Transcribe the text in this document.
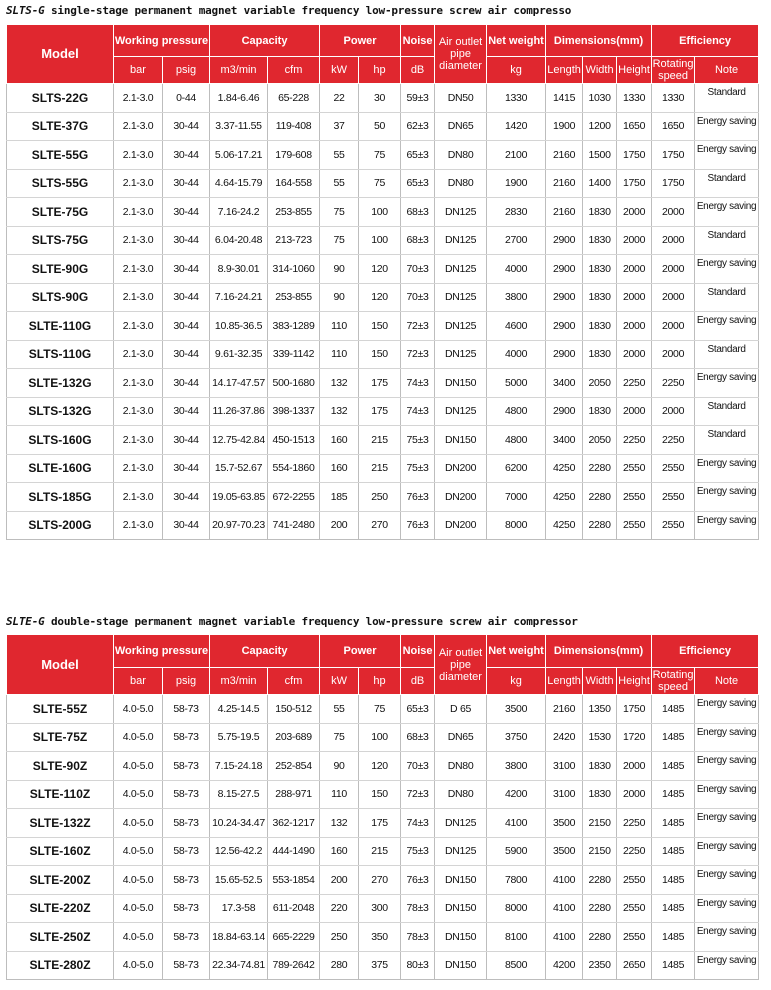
SLTS-G single-stage permanent magnet variable frequency low-pressure screw air compresso
Model	Working pressure		Capacity		Power		Noise	Air outlet pipe diameter	Net weight	Dimensions(mm)			Efficiency	
	bar	psig	m3/min	cfm	kW	hp	dB		kg	Length	Width	Height	Rotating speed	Note
SLTS-22G	2.1-3.0	0-44	1.84-6.46	65-228	22	30	59±3	DN50	1330	1415	1030	1330	1330	Standard
SLTE-37G	2.1-3.0	30-44	3.37-11.55	119-408	37	50	62±3	DN65	1420	1900	1200	1650	1650	Energy saving
SLTE-55G	2.1-3.0	30-44	5.06-17.21	179-608	55	75	65±3	DN80	2100	2160	1500	1750	1750	Energy saving
SLTS-55G	2.1-3.0	30-44	4.64-15.79	164-558	55	75	65±3	DN80	1900	2160	1400	1750	1750	Standard
SLTE-75G	2.1-3.0	30-44	7.16-24.2	253-855	75	100	68±3	DN125	2830	2160	1830	2000	2000	Energy saving
SLTS-75G	2.1-3.0	30-44	6.04-20.48	213-723	75	100	68±3	DN125	2700	2900	1830	2000	2000	Standard
SLTE-90G	2.1-3.0	30-44	8.9-30.01	314-1060	90	120	70±3	DN125	4000	2900	1830	2000	2000	Energy saving
SLTS-90G	2.1-3.0	30-44	7.16-24.21	253-855	90	120	70±3	DN125	3800	2900	1830	2000	2000	Standard
SLTE-110G	2.1-3.0	30-44	10.85-36.5	383-1289	110	150	72±3	DN125	4600	2900	1830	2000	2000	Energy saving
SLTS-110G	2.1-3.0	30-44	9.61-32.35	339-1142	110	150	72±3	DN125	4000	2900	1830	2000	2000	Standard
SLTE-132G	2.1-3.0	30-44	14.17-47.57	500-1680	132	175	74±3	DN150	5000	3400	2050	2250	2250	Energy saving
SLTS-132G	2.1-3.0	30-44	11.26-37.86	398-1337	132	175	74±3	DN125	4800	2900	1830	2000	2000	Standard
SLTS-160G	2.1-3.0	30-44	12.75-42.84	450-1513	160	215	75±3	DN150	4800	3400	2050	2250	2250	Standard
SLTE-160G	2.1-3.0	30-44	15.7-52.67	554-1860	160	215	75±3	DN200	6200	4250	2280	2550	2550	Energy saving
SLTS-185G	2.1-3.0	30-44	19.05-63.85	672-2255	185	250	76±3	DN200	7000	4250	2280	2550	2550	Energy saving
SLTS-200G	2.1-3.0	30-44	20.97-70.23	741-2480	200	270	76±3	DN200	8000	4250	2280	2550	2550	Energy saving
SLTE-G double-stage permanent magnet variable frequency low-pressure screw air compressor
Model	Working pressure		Capacity		Power		Noise	Air outlet pipe diameter	Net weight	Dimensions(mm)			Efficiency	
	bar	psig	m3/min	cfm	kW	hp	dB		kg	Length	Width	Height	Rotating speed	Note
SLTE-55Z	4.0-5.0	58-73	4.25-14.5	150-512	55	75	65±3	D 65	3500	2160	1350	1750	1485	Energy saving
SLTE-75Z	4.0-5.0	58-73	5.75-19.5	203-689	75	100	68±3	DN65	3750	2420	1530	1720	1485	Energy saving
SLTE-90Z	4.0-5.0	58-73	7.15-24.18	252-854	90	120	70±3	DN80	3800	3100	1830	2000	1485	Energy saving
SLTE-110Z	4.0-5.0	58-73	8.15-27.5	288-971	110	150	72±3	DN80	4200	3100	1830	2000	1485	Energy saving
SLTE-132Z	4.0-5.0	58-73	10.24-34.47	362-1217	132	175	74±3	DN125	4100	3500	2150	2250	1485	Energy saving
SLTE-160Z	4.0-5.0	58-73	12.56-42.2	444-1490	160	215	75±3	DN125	5900	3500	2150	2250	1485	Energy saving
SLTE-200Z	4.0-5.0	58-73	15.65-52.5	553-1854	200	270	76±3	DN150	7800	4100	2280	2550	1485	Energy saving
SLTE-220Z	4.0-5.0	58-73	17.3-58	611-2048	220	300	78±3	DN150	8000	4100	2280	2550	1485	Energy saving
SLTE-250Z	4.0-5.0	58-73	18.84-63.14	665-2229	250	350	78±3	DN150	8100	4100	2280	2550	1485	Energy saving
SLTE-280Z	4.0-5.0	58-73	22.34-74.81	789-2642	280	375	80±3	DN150	8500	4200	2350	2650	1485	Energy saving
